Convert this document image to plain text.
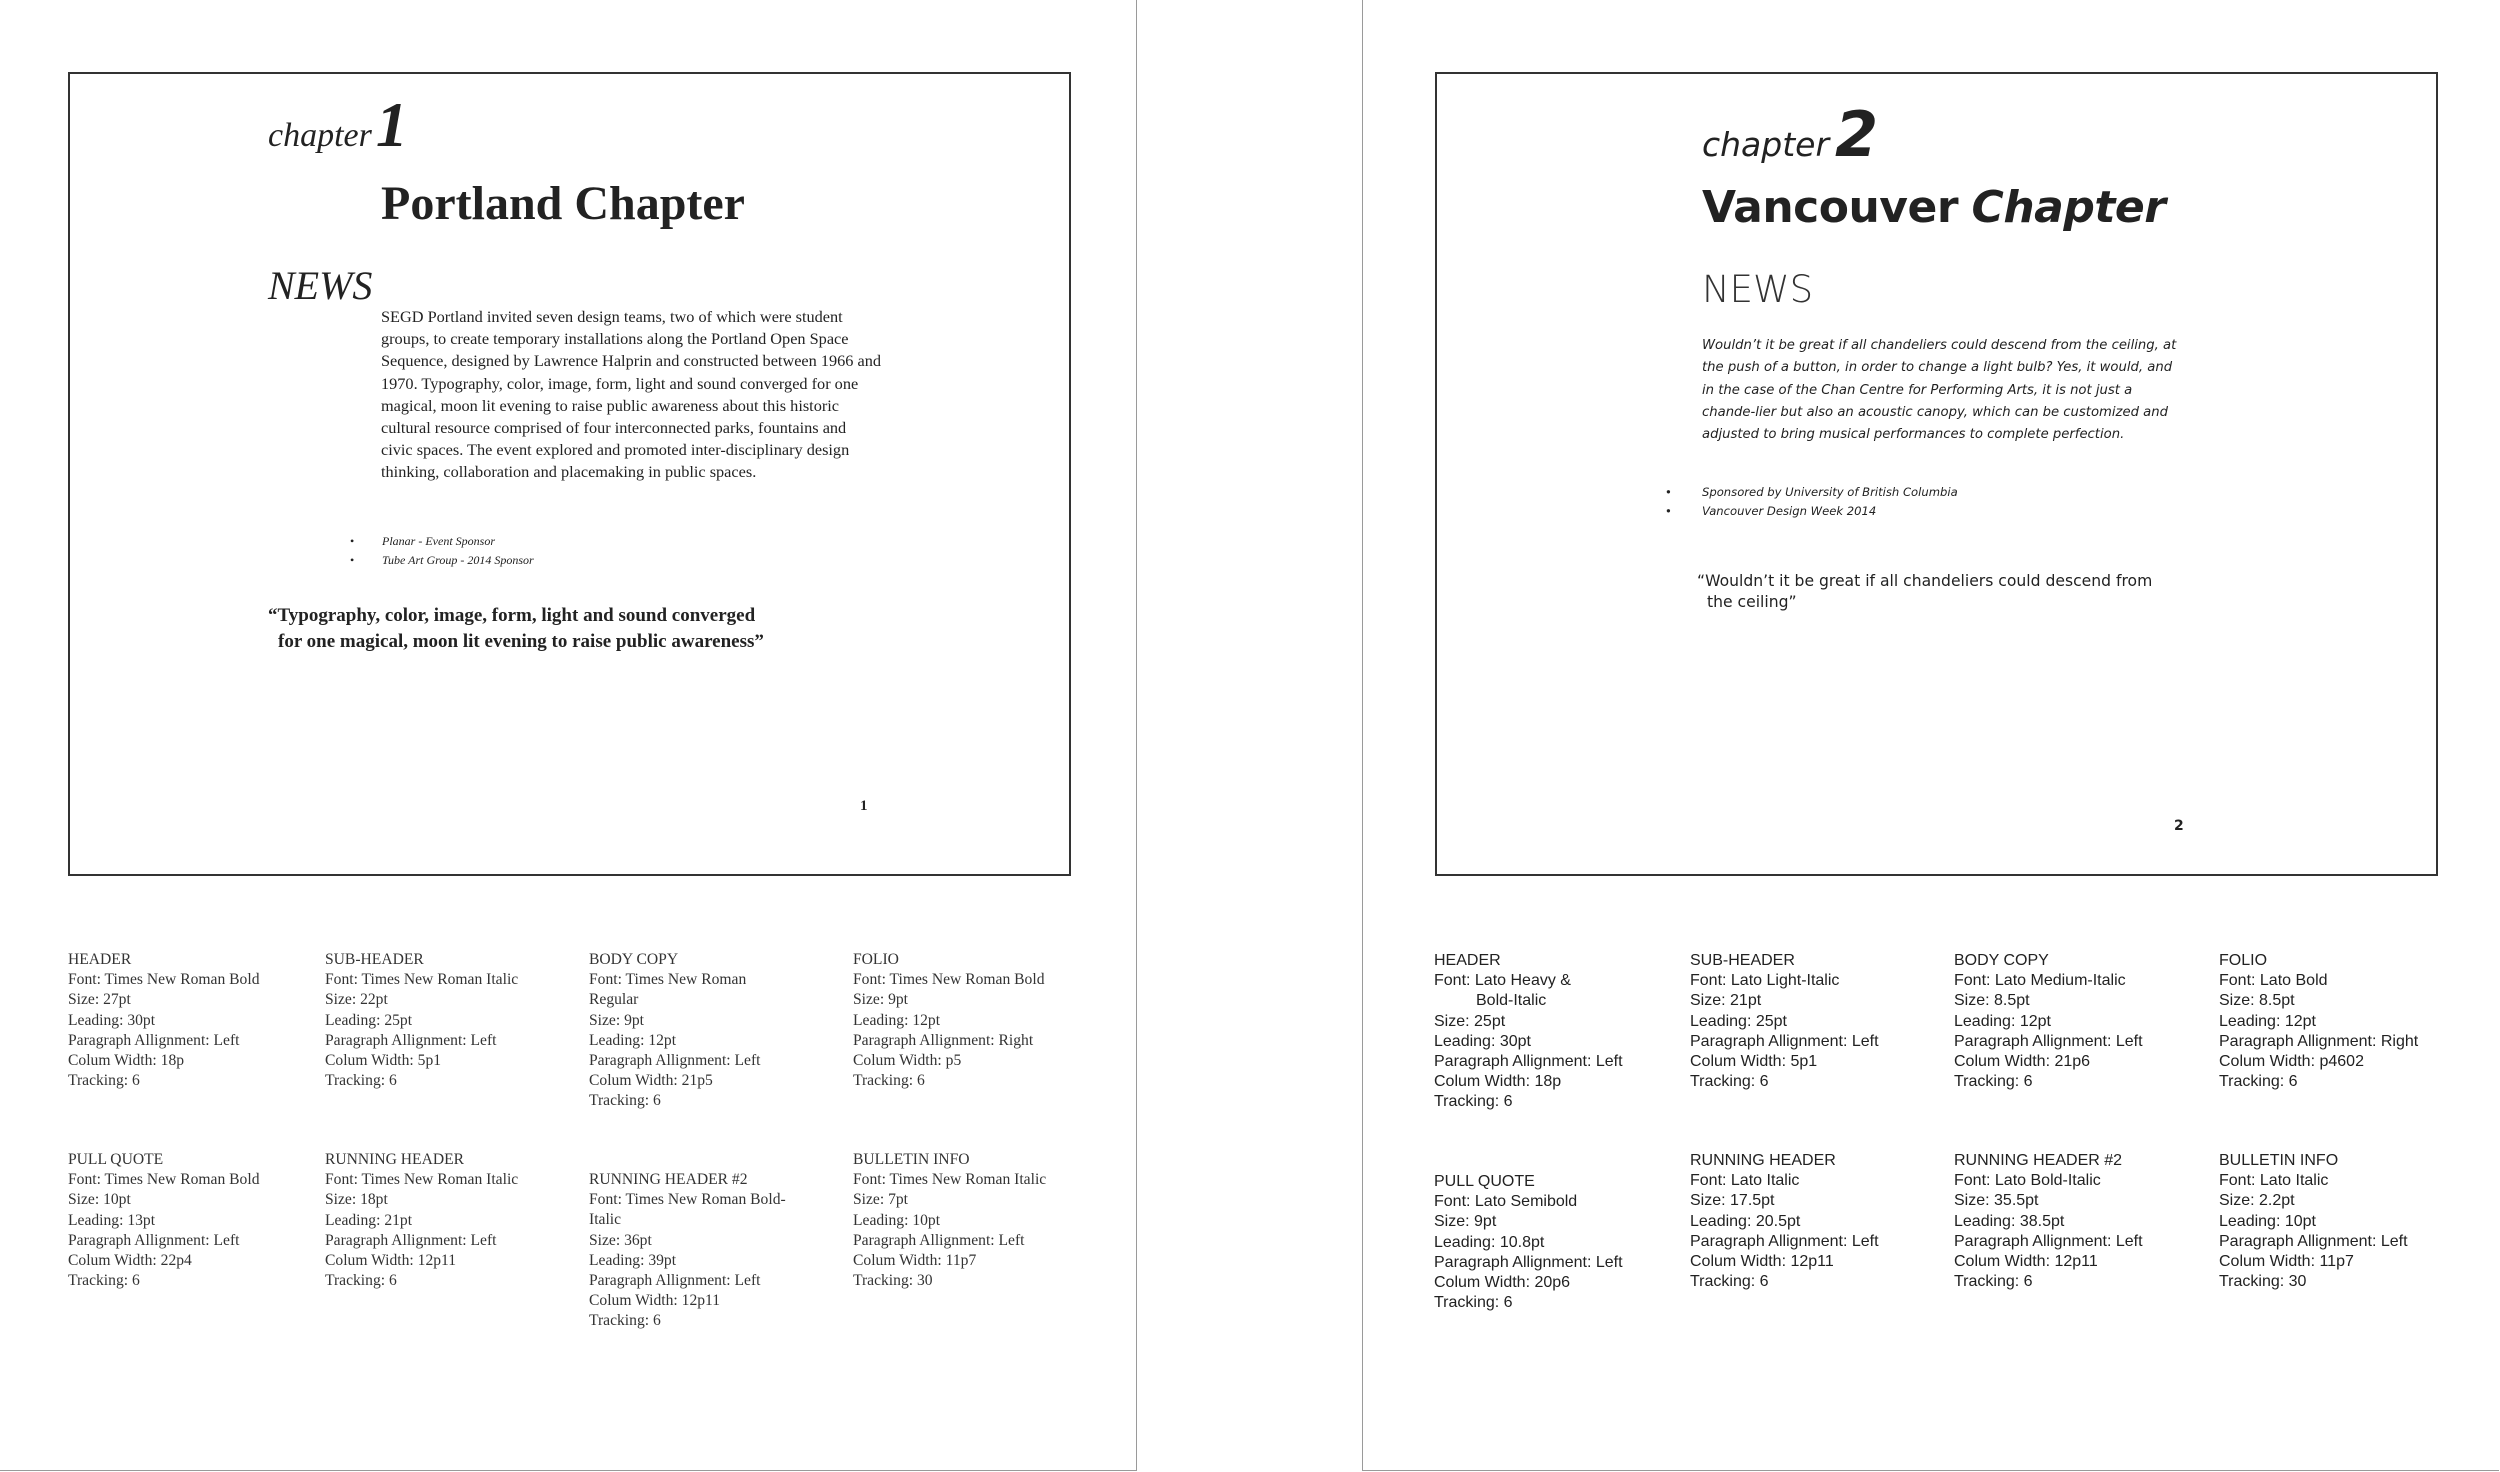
chapter1
Portland Chapter
NEWS
SEGD Portland invited seven design teams, two of which were student groups, to create temporary installations along the Portland Open Space Sequence, designed by Lawrence Halprin and constructed between 1966 and 1970. Typography, color, image, form, light and sound converged for one magical, moon lit evening to raise public awareness about this historic cultural resource comprised of four interconnected parks, fountains and civic spaces. The event explored and promoted inter-disciplinary design thinking, collaboration and placemaking in public spaces.
• Planar - Event Sponsor
• Tube Art Group - 2014 Sponsor
“Typography, color, image, form, light and sound converged
for one magical, moon lit evening to raise public awareness”
1
chapter2
Vancouver Chapter
NEWS
Wouldn’t it be great if all chandeliers could descend from the ceiling, at the push of a button, in order to change a light bulb? Yes, it would, and in the case of the Chan Centre for Performing Arts, it is not just a chande-lier but also an acoustic canopy, which can be customized and adjusted to bring musical performances to complete perfection.
• Sponsored by University of British Columbia
• Vancouver Design Week 2014
“Wouldn’t it be great if all chandeliers could descend from
the ceiling”
2
HEADER
Font: Times New Roman Bold
Size: 27pt
Leading: 30pt
Paragraph Allignment: Left
Colum Width: 18p
Tracking: 6
SUB-HEADER
Font: Times New Roman Italic
Size: 22pt
Leading: 25pt
Paragraph Allignment: Left
Colum Width: 5p1
Tracking: 6
BODY COPY
Font: Times New Roman
Regular
Size: 9pt
Leading: 12pt
Paragraph Allignment: Left
Colum Width: 21p5
Tracking: 6
FOLIO
Font: Times New Roman Bold
Size: 9pt
Leading: 12pt
Paragraph Allignment: Right
Colum Width: p5
Tracking: 6
PULL QUOTE
Font: Times New Roman Bold
Size: 10pt
Leading: 13pt
Paragraph Allignment: Left
Colum Width: 22p4
Tracking: 6
RUNNING HEADER
Font: Times New Roman Italic
Size: 18pt
Leading: 21pt
Paragraph Allignment: Left
Colum Width: 12p11
Tracking: 6
RUNNING HEADER #2
Font: Times New Roman Bold-
Italic
Size: 36pt
Leading: 39pt
Paragraph Allignment: Left
Colum Width: 12p11
Tracking: 6
BULLETIN INFO
Font: Times New Roman Italic
Size: 7pt
Leading: 10pt
Paragraph Allignment: Left
Colum Width: 11p7
Tracking: 30
HEADER
Font: Lato Heavy &
Bold-Italic
Size: 25pt
Leading: 30pt
Paragraph Allignment: Left
Colum Width: 18p
Tracking: 6
SUB-HEADER
Font: Lato Light-Italic
Size: 21pt
Leading: 25pt
Paragraph Allignment: Left
Colum Width: 5p1
Tracking: 6
BODY COPY
Font: Lato Medium-Italic
Size: 8.5pt
Leading: 12pt
Paragraph Allignment: Left
Colum Width: 21p6
Tracking: 6
FOLIO
Font: Lato Bold
Size: 8.5pt
Leading: 12pt
Paragraph Allignment: Right
Colum Width: p4602
Tracking: 6
PULL QUOTE
Font: Lato Semibold
Size: 9pt
Leading: 10.8pt
Paragraph Allignment: Left
Colum Width: 20p6
Tracking: 6
RUNNING HEADER
Font: Lato Italic
Size: 17.5pt
Leading: 20.5pt
Paragraph Allignment: Left
Colum Width: 12p11
Tracking: 6
RUNNING HEADER #2
Font: Lato Bold-Italic
Size: 35.5pt
Leading: 38.5pt
Paragraph Allignment: Left
Colum Width: 12p11
Tracking: 6
BULLETIN INFO
Font: Lato Italic
Size: 2.2pt
Leading: 10pt
Paragraph Allignment: Left
Colum Width: 11p7
Tracking: 30
